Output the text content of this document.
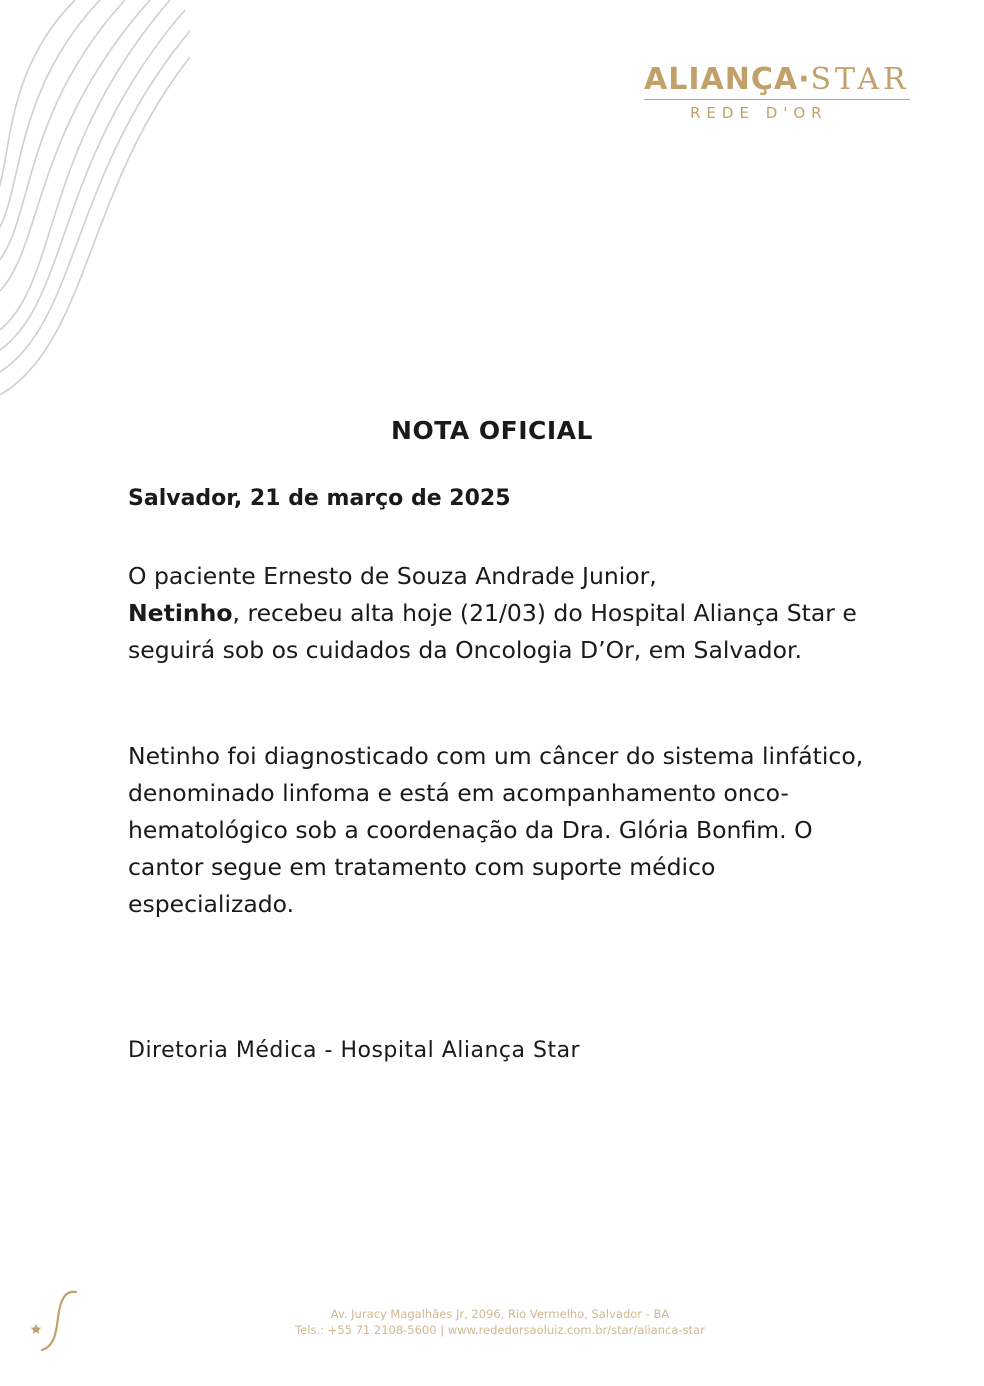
ALIANÇA·STAR
REDE D'OR
NOTA OFICIAL
Salvador, 21 de março de 2025

O paciente Ernesto de Souza Andrade Junior,
Netinho, recebeu alta hoje (21/03) do Hospital Aliança Star e seguirá sob os cuidados da Oncologia D’Or, em Salvador.

Netinho foi diagnosticado com um câncer do sistema linfático, denominado linfoma e está em acompanhamento onco-hematológico sob a coordenação da Dra. Glória Bonfim. O cantor segue em tratamento com suporte médico especializado.

Diretoria Médica - Hospital Aliança Star
Av. Juracy Magalhães Jr, 2096, Rio Vermelho, Salvador - BA
Tels.: +55 71 2108-5600 | www.rededorsaoluiz.com.br/star/alianca-star
